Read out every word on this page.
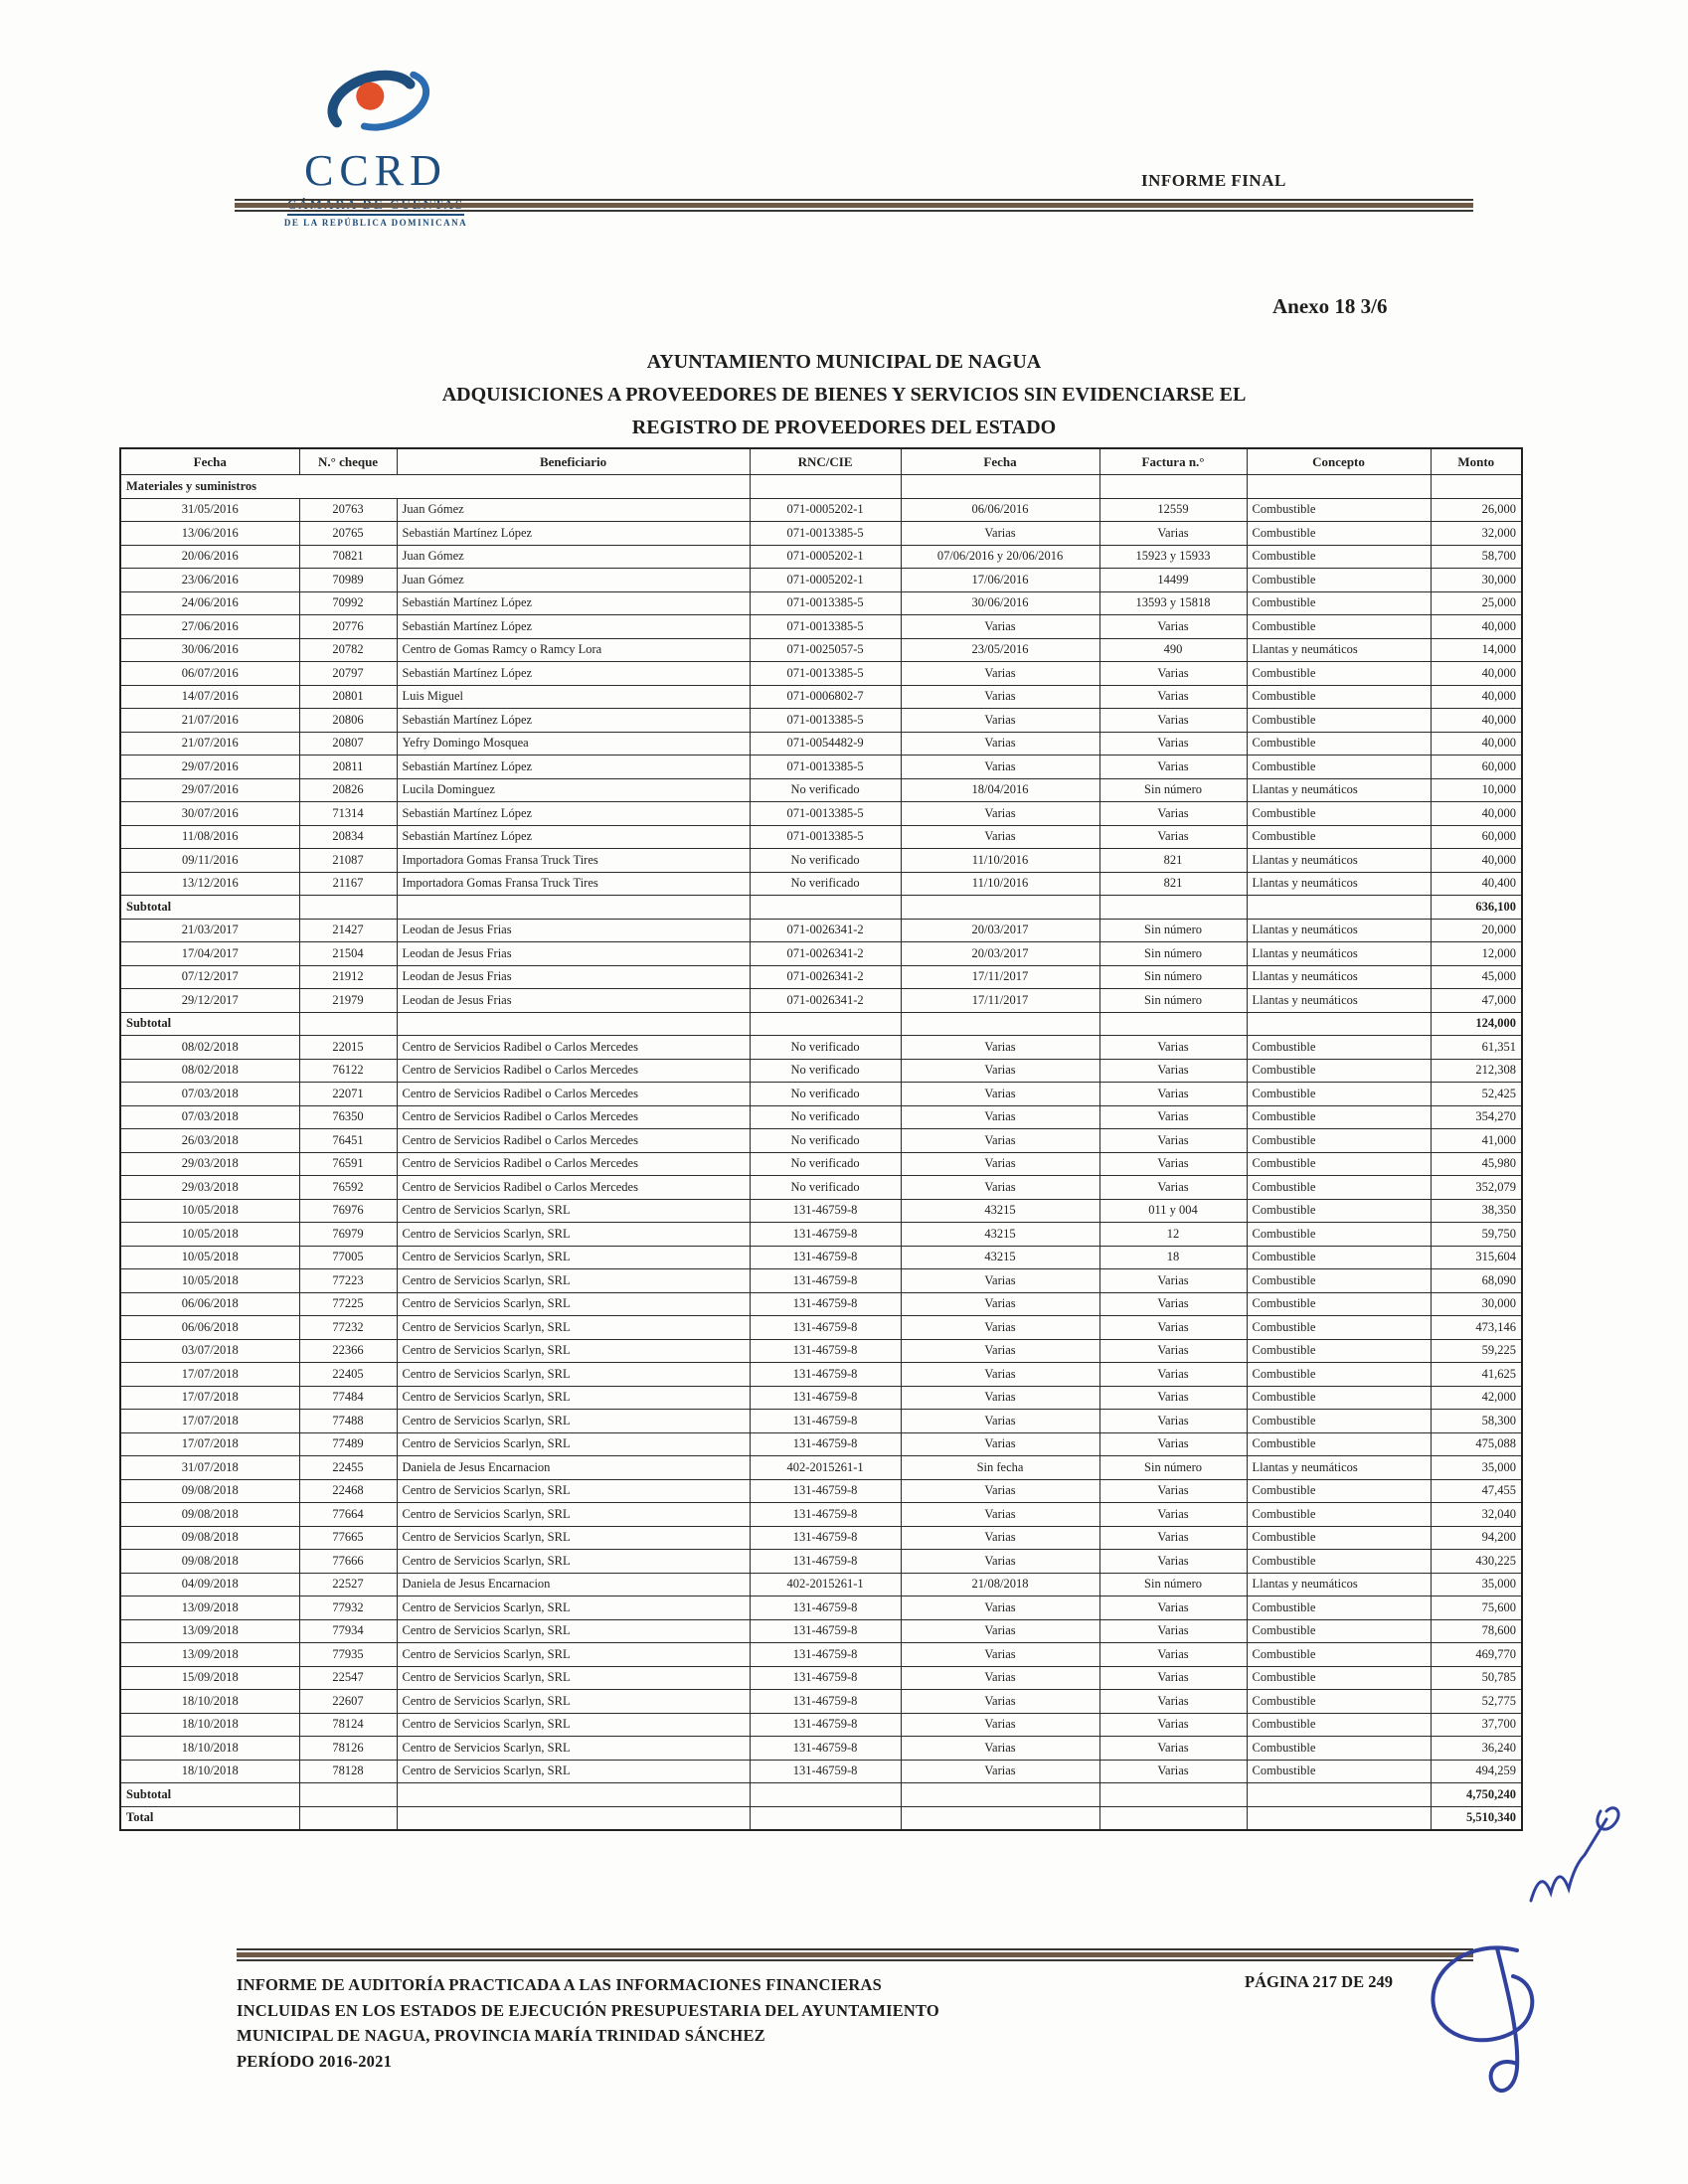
CCRD
DE LA REPÚBLICA DOMINICANA
INFORME FINAL
Anexo 18 3/6
AYUNTAMIENTO MUNICIPAL DE NAGUA
ADQUISICIONES A PROVEEDORES DE BIENES Y SERVICIOS SIN EVIDENCIARSE EL
REGISTRO DE PROVEEDORES DEL ESTADO
Fecha	N.° cheque	Beneficiario	RNC/CIE	Fecha	Factura n.°	Concepto	Monto
Materiales y suministros							
31/05/2016	20763	Juan Gómez	071-0005202-1	06/06/2016	12559	Combustible	26,000
13/06/2016	20765	Sebastián Martínez López	071-0013385-5	Varias	Varias	Combustible	32,000
20/06/2016	70821	Juan Gómez	071-0005202-1	07/06/2016 y 20/06/2016	15923 y 15933	Combustible	58,700
23/06/2016	70989	Juan Gómez	071-0005202-1	17/06/2016	14499	Combustible	30,000
24/06/2016	70992	Sebastián Martínez López	071-0013385-5	30/06/2016	13593 y 15818	Combustible	25,000
27/06/2016	20776	Sebastián Martínez López	071-0013385-5	Varias	Varias	Combustible	40,000
30/06/2016	20782	Centro de Gomas Ramcy o Ramcy Lora	071-0025057-5	23/05/2016	490	Llantas y neumáticos	14,000
06/07/2016	20797	Sebastián Martínez López	071-0013385-5	Varias	Varias	Combustible	40,000
14/07/2016	20801	Luis Miguel	071-0006802-7	Varias	Varias	Combustible	40,000
21/07/2016	20806	Sebastián Martínez López	071-0013385-5	Varias	Varias	Combustible	40,000
21/07/2016	20807	Yefry Domingo Mosquea	071-0054482-9	Varias	Varias	Combustible	40,000
29/07/2016	20811	Sebastián Martínez López	071-0013385-5	Varias	Varias	Combustible	60,000
29/07/2016	20826	Lucila Dominguez	No verificado	18/04/2016	Sin número	Llantas y neumáticos	10,000
30/07/2016	71314	Sebastián Martínez López	071-0013385-5	Varias	Varias	Combustible	40,000
11/08/2016	20834	Sebastián Martínez López	071-0013385-5	Varias	Varias	Combustible	60,000
09/11/2016	21087	Importadora Gomas Fransa Truck Tires	No verificado	11/10/2016	821	Llantas y neumáticos	40,000
13/12/2016	21167	Importadora Gomas Fransa Truck Tires	No verificado	11/10/2016	821	Llantas y neumáticos	40,400
Subtotal							636,100
21/03/2017	21427	Leodan de Jesus Frias	071-0026341-2	20/03/2017	Sin número	Llantas y neumáticos	20,000
17/04/2017	21504	Leodan de Jesus Frias	071-0026341-2	20/03/2017	Sin número	Llantas y neumáticos	12,000
07/12/2017	21912	Leodan de Jesus Frias	071-0026341-2	17/11/2017	Sin número	Llantas y neumáticos	45,000
29/12/2017	21979	Leodan de Jesus Frias	071-0026341-2	17/11/2017	Sin número	Llantas y neumáticos	47,000
Subtotal							124,000
08/02/2018	22015	Centro de Servicios Radibel o Carlos Mercedes	No verificado	Varias	Varias	Combustible	61,351
08/02/2018	76122	Centro de Servicios Radibel o Carlos Mercedes	No verificado	Varias	Varias	Combustible	212,308
07/03/2018	22071	Centro de Servicios Radibel o Carlos Mercedes	No verificado	Varias	Varias	Combustible	52,425
07/03/2018	76350	Centro de Servicios Radibel o Carlos Mercedes	No verificado	Varias	Varias	Combustible	354,270
26/03/2018	76451	Centro de Servicios Radibel o Carlos Mercedes	No verificado	Varias	Varias	Combustible	41,000
29/03/2018	76591	Centro de Servicios Radibel o Carlos Mercedes	No verificado	Varias	Varias	Combustible	45,980
29/03/2018	76592	Centro de Servicios Radibel o Carlos Mercedes	No verificado	Varias	Varias	Combustible	352,079
10/05/2018	76976	Centro de Servicios Scarlyn, SRL	131-46759-8	43215	011 y 004	Combustible	38,350
10/05/2018	76979	Centro de Servicios Scarlyn, SRL	131-46759-8	43215	12	Combustible	59,750
10/05/2018	77005	Centro de Servicios Scarlyn, SRL	131-46759-8	43215	18	Combustible	315,604
10/05/2018	77223	Centro de Servicios Scarlyn, SRL	131-46759-8	Varias	Varias	Combustible	68,090
06/06/2018	77225	Centro de Servicios Scarlyn, SRL	131-46759-8	Varias	Varias	Combustible	30,000
06/06/2018	77232	Centro de Servicios Scarlyn, SRL	131-46759-8	Varias	Varias	Combustible	473,146
03/07/2018	22366	Centro de Servicios Scarlyn, SRL	131-46759-8	Varias	Varias	Combustible	59,225
17/07/2018	22405	Centro de Servicios Scarlyn, SRL	131-46759-8	Varias	Varias	Combustible	41,625
17/07/2018	77484	Centro de Servicios Scarlyn, SRL	131-46759-8	Varias	Varias	Combustible	42,000
17/07/2018	77488	Centro de Servicios Scarlyn, SRL	131-46759-8	Varias	Varias	Combustible	58,300
17/07/2018	77489	Centro de Servicios Scarlyn, SRL	131-46759-8	Varias	Varias	Combustible	475,088
31/07/2018	22455	Daniela de Jesus Encarnacion	402-2015261-1	Sin fecha	Sin número	Llantas y neumáticos	35,000
09/08/2018	22468	Centro de Servicios Scarlyn, SRL	131-46759-8	Varias	Varias	Combustible	47,455
09/08/2018	77664	Centro de Servicios Scarlyn, SRL	131-46759-8	Varias	Varias	Combustible	32,040
09/08/2018	77665	Centro de Servicios Scarlyn, SRL	131-46759-8	Varias	Varias	Combustible	94,200
09/08/2018	77666	Centro de Servicios Scarlyn, SRL	131-46759-8	Varias	Varias	Combustible	430,225
04/09/2018	22527	Daniela de Jesus Encarnacion	402-2015261-1	21/08/2018	Sin número	Llantas y neumáticos	35,000
13/09/2018	77932	Centro de Servicios Scarlyn, SRL	131-46759-8	Varias	Varias	Combustible	75,600
13/09/2018	77934	Centro de Servicios Scarlyn, SRL	131-46759-8	Varias	Varias	Combustible	78,600
13/09/2018	77935	Centro de Servicios Scarlyn, SRL	131-46759-8	Varias	Varias	Combustible	469,770
15/09/2018	22547	Centro de Servicios Scarlyn, SRL	131-46759-8	Varias	Varias	Combustible	50,785
18/10/2018	22607	Centro de Servicios Scarlyn, SRL	131-46759-8	Varias	Varias	Combustible	52,775
18/10/2018	78124	Centro de Servicios Scarlyn, SRL	131-46759-8	Varias	Varias	Combustible	37,700
18/10/2018	78126	Centro de Servicios Scarlyn, SRL	131-46759-8	Varias	Varias	Combustible	36,240
18/10/2018	78128	Centro de Servicios Scarlyn, SRL	131-46759-8	Varias	Varias	Combustible	494,259
Subtotal							4,750,240
Total							5,510,340
INFORME DE AUDITORÍA PRACTICADA A LAS INFORMACIONES FINANCIERAS
INCLUIDAS EN LOS ESTADOS DE EJECUCIÓN PRESUPUESTARIA DEL AYUNTAMIENTO
MUNICIPAL DE NAGUA, PROVINCIA MARÍA TRINIDAD SÁNCHEZ
PERÍODO 2016-2021
PÁGINA 217 DE 249
